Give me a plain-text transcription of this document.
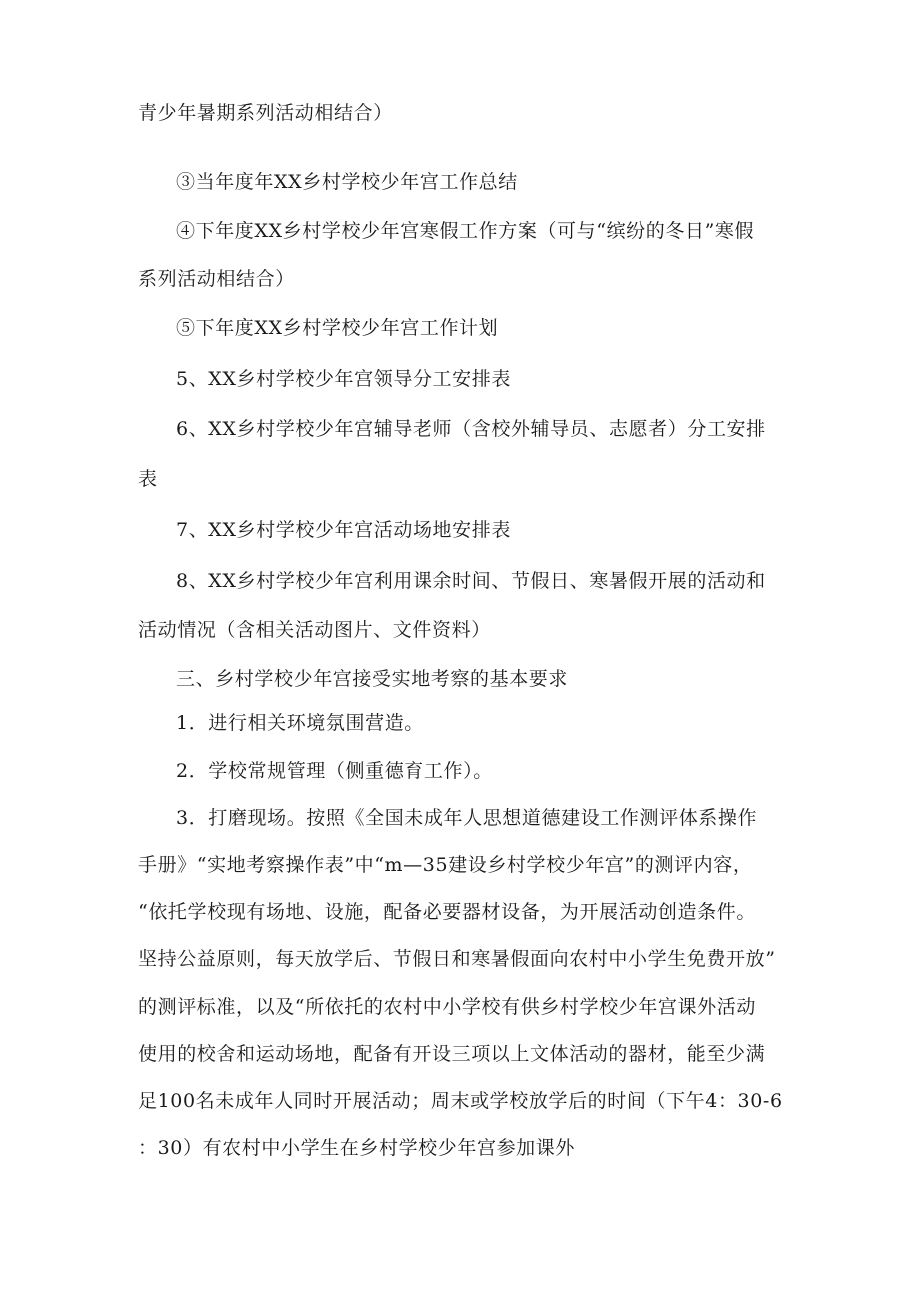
青少年暑期系列活动相结合）
③当年度年XX乡村学校少年宫工作总结
④下年度XX乡村学校少年宫寒假工作方案（可与“缤纷的冬日”寒假
系列活动相结合）
⑤下年度XX乡村学校少年宫工作计划
5、XX乡村学校少年宫领导分工安排表
6、XX乡村学校少年宫辅导老师（含校外辅导员、志愿者）分工安排
表
7、XX乡村学校少年宫活动场地安排表
8、XX乡村学校少年宫利用课余时间、节假日、寒暑假开展的活动和
活动情况（含相关活动图片、文件资料）
三、乡村学校少年宫接受实地考察的基本要求
1．进行相关环境氛围营造。
2．学校常规管理（侧重德育工作）。
3．打磨现场。按照《全国未成年人思想道德建设工作测评体系操作
手册》“实地考察操作表”中“m—35建设乡村学校少年宫”的测评内容，
“依托学校现有场地、设施，配备必要器材设备，为开展活动创造条件。
坚持公益原则，每天放学后、节假日和寒暑假面向农村中小学生免费开放”
的测评标准，以及“所依托的农村中小学校有供乡村学校少年宫课外活动
使用的校舍和运动场地，配备有开设三项以上文体活动的器材，能至少满
足100名未成年人同时开展活动；周末或学校放学后的时间（下午4：30-6
：30）有农村中小学生在乡村学校少年宫参加课外
